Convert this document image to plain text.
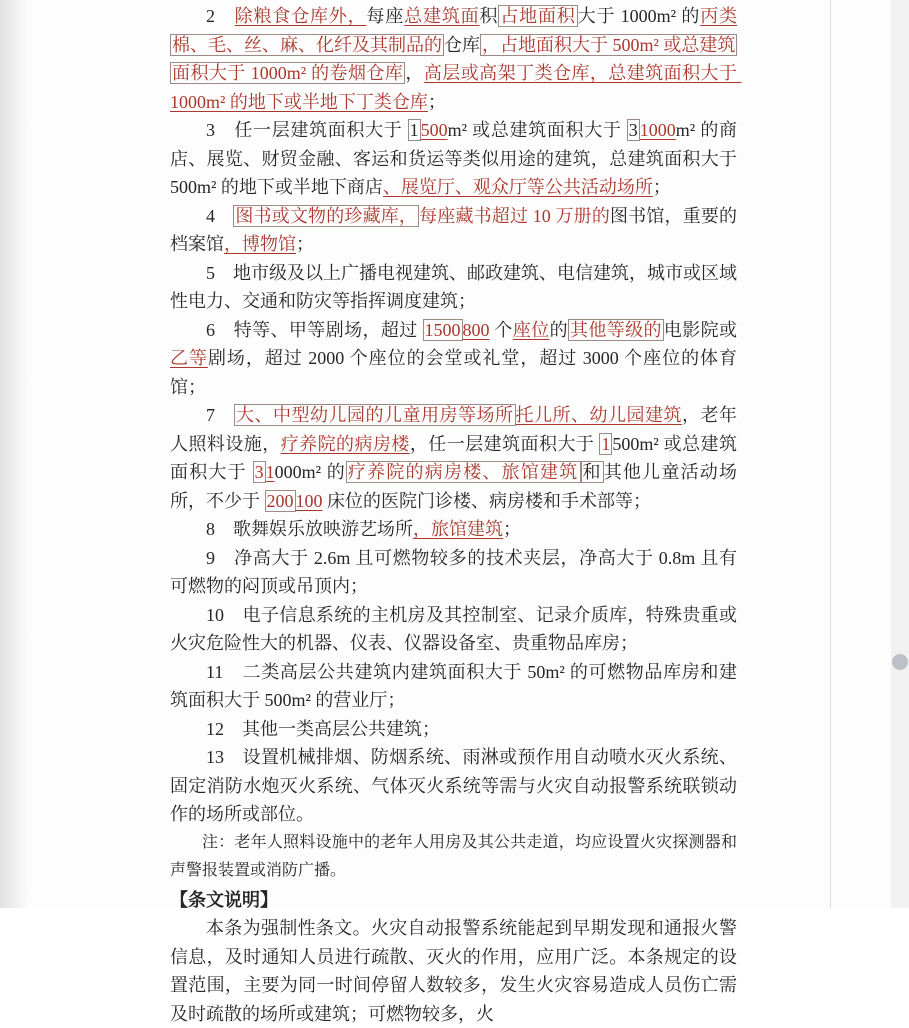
2　除粮食仓库外，每座总建筑面积 占地面积 大于 1000m² 的丙类棉、毛、丝、麻、化纤及其制品的 仓库 ，占地面积大于 500m² 或总建筑面积大于 1000m² 的卷烟仓库 ，高层或高架丁类仓库，总建筑面积大于 1000m² 的地下或半地下丁类仓库；

3　任一层建筑面积大于 1 500m² 或总建筑面积大于 3 1000m² 的商店、展览、财贸金融、客运和货运等类似用途的建筑，总建筑面积大于 500m² 的地下或半地下商店、展览厅、观众厅等公共活动场所；

4　图书或文物的珍藏库， 每座藏书超过 10 万册的图书馆，重要的档案馆，博物馆；

5　地市级及以上广播电视建筑、邮政建筑、电信建筑，城市或区域性电力、交通和防灾等指挥调度建筑；

6　特等、甲等剧场，超过 1500 800 个座位的 其他等级的 电影院或乙等剧场，超过 2000 个座位的会堂或礼堂，超过 3000 个座位的体育馆；

7　大、中型幼儿园的儿童用房等场所 托儿所、幼儿园建筑，老年人照料设施，疗养院的病房楼，任一层建筑面积大于 1 500m² 或总建筑面积大于 3 1000m² 的 疗养院的病房楼、旅馆建筑 和 其他儿童活动场所，不少于 200 100 床位的医院门诊楼、病房楼和手术部等；

8　歌舞娱乐放映游艺场所，旅馆建筑；

9　净高大于 2.6m 且可燃物较多的技术夹层，净高大于 0.8m 且有可燃物的闷顶或吊顶内；

10　电子信息系统的主机房及其控制室、记录介质库，特殊贵重或火灾危险性大的机器、仪表、仪器设备室、贵重物品库房；

11　二类高层公共建筑内建筑面积大于 50m² 的可燃物品库房和建筑面积大于 500m² 的营业厅；

12　其他一类高层公共建筑；

13　设置机械排烟、防烟系统、雨淋或预作用自动喷水灭火系统、固定消防水炮灭火系统、气体灭火系统等需与火灾自动报警系统联锁动作的场所或部位。

注：老年人照料设施中的老年人用房及其公共走道，均应设置火灾探测器和声警报装置或消防广播。

【条文说明】

本条为强制性条文。火灾自动报警系统能起到早期发现和通报火警信息，及时通知人员进行疏散、灭火的作用，应用广泛。本条规定的设置范围，主要为同一时间停留人数较多，发生火灾容易造成人员伤亡需及时疏散的场所或建筑；可燃物较多，火
